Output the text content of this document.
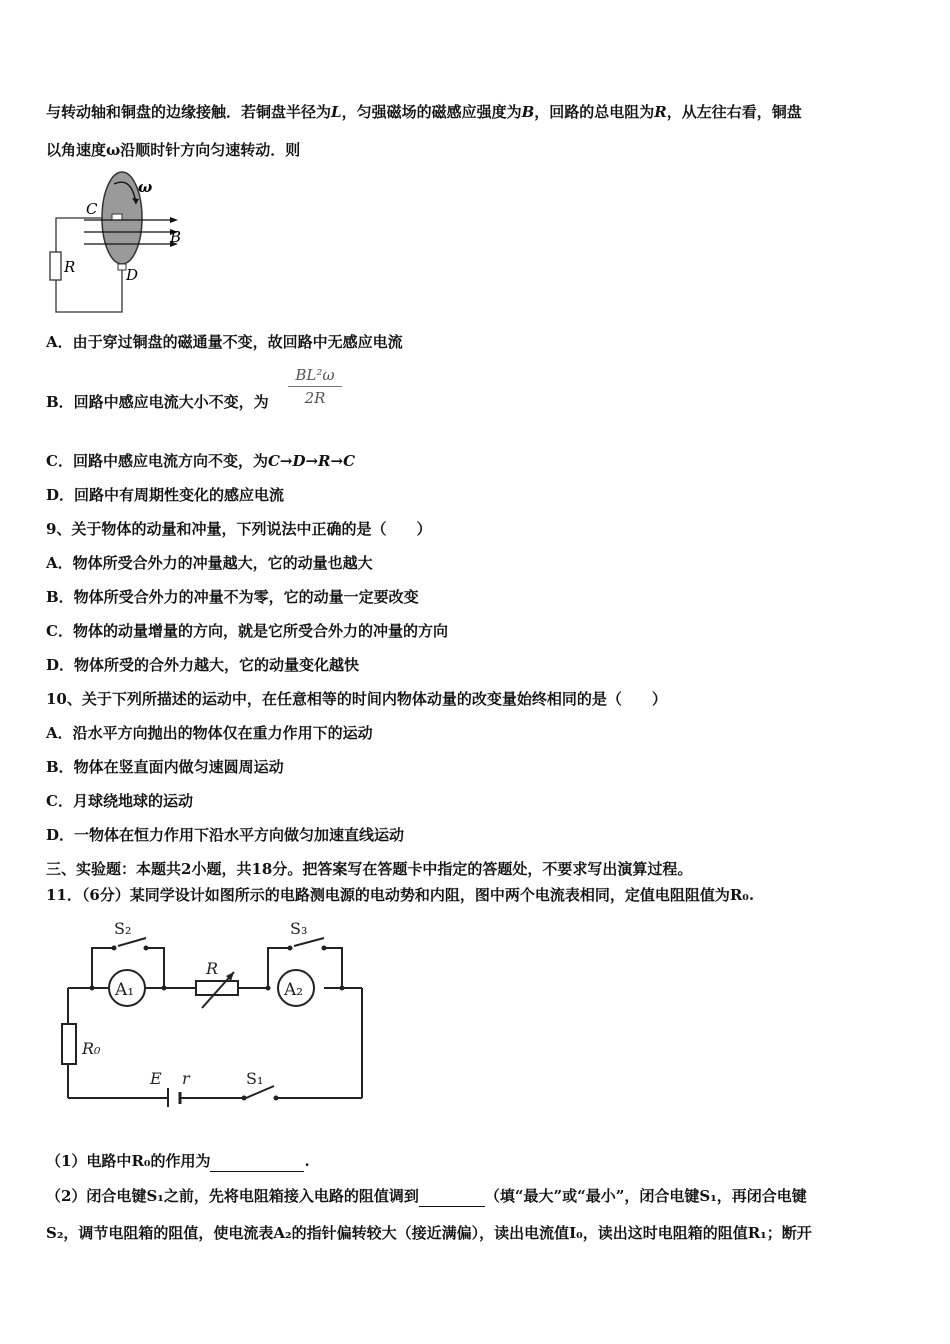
与转动轴和铜盘的边缘接触．若铜盘半径为L，匀强磁场的磁感应强度为B，回路的总电阻为R，从左往右看，铜盘
以角速度ω沿顺时针方向匀速转动．则
ω
C
B
R	D
A．由于穿过铜盘的磁通量不变，故回路中无感应电流
B．回路中感应电流大小不变，为 $\frac{\text{BL²ω}}{2R}$
C．回路中感应电流方向不变，为C→D→R→C
D．回路中有周期性变化的感应电流
9、关于物体的动量和冲量，下列说法中正确的是（　　）
A．物体所受合外力的冲量越大，它的动量也越大
B．物体所受合外力的冲量不为零，它的动量一定要改变
C．物体的动量增量的方向，就是它所受合外力的冲量的方向
D．物体所受的合外力越大，它的动量变化越快
10、关于下列所描述的运动中，在任意相等的时间内物体动量的改变量始终相同的是（　　）
A．沿水平方向抛出的物体仅在重力作用下的运动
B．物体在竖直面内做匀速圆周运动
C．月球绕地球的运动
D．一物体在恒力作用下沿水平方向做匀加速直线运动
三、实验题：本题共2小题，共18分。把答案写在答题卡中指定的答题处，不要求写出演算过程。
11．（6分）某同学设计如图所示的电路测电源的电动势和内阻，图中两个电流表相同，定值电阻阻值为R₀.
S₂	S₃
A₁	A₂
R
R₀
E r	S₁
（1）电路中R₀的作用为	.
（2）闭合电键S₁之前，先将电阻箱接入电路的阻值调到	（填“最大”或“最小”，闭合电键S₁，再闭合电键
S₂，调节电阻箱的阻值，使电流表A₂的指针偏转较大（接近满偏），读出电流值I₀，读出这时电阻箱的阻值R₁；断开
